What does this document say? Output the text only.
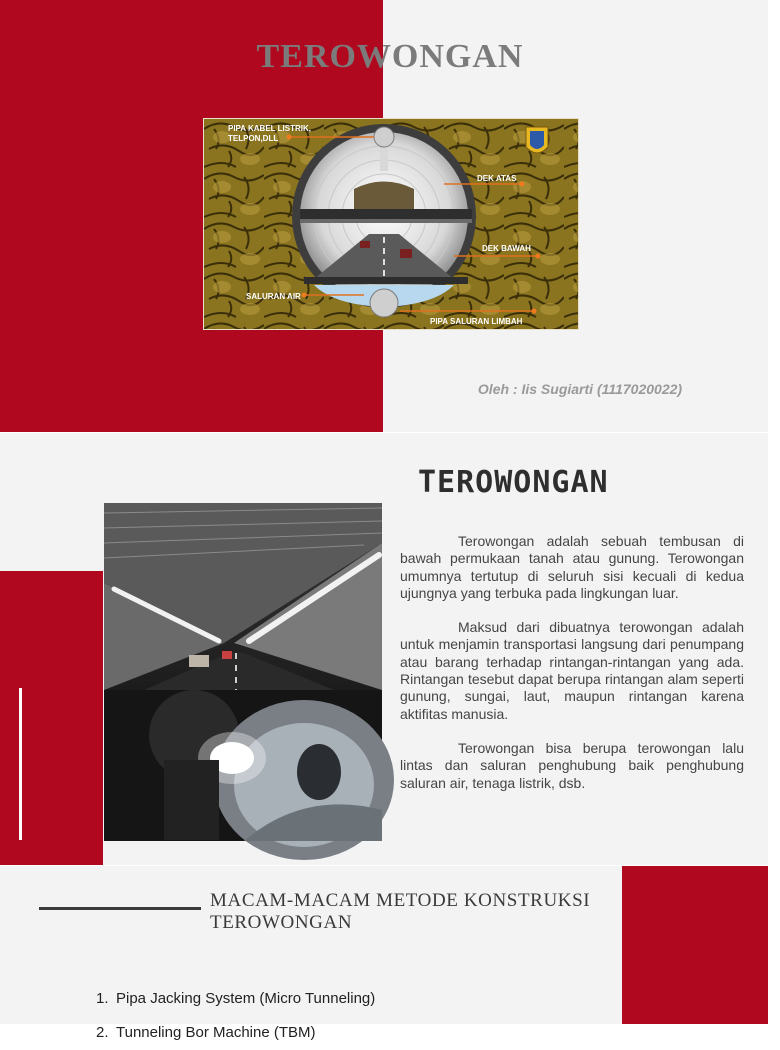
TEROWONGAN
PIPA KABEL LISTRIK,
TELPON,DLL
DEK ATAS
DEK BAWAH
SALURAN AIR
PIPA SALURAN LIMBAH
Oleh : Iis Sugiarti (1117020022)
TEROWONGAN

Terowongan adalah sebuah tembusan di bawah permukaan tanah atau gunung. Terowongan umumnya tertutup di seluruh sisi kecuali di kedua ujungnya yang terbuka pada lingkungan luar.

Maksud dari dibuatnya terowongan adalah untuk menjamin transportasi langsung dari penumpang atau barang terhadap rintangan-rintangan yang ada. Rintangan tesebut dapat berupa rintangan alam seperti gunung, sungai, laut, maupun rintangan karena aktifitas manusia.

Terowongan bisa berupa terowongan lalu lintas dan saluran penghubung baik penghubung saluran air, tenaga listrik, dsb.

MACAM-MACAM METODE KONSTRUKSI TEROWONGAN
1. Pipa Jacking System (Micro Tunneling)
2. Tunneling Bor Machine (TBM)
